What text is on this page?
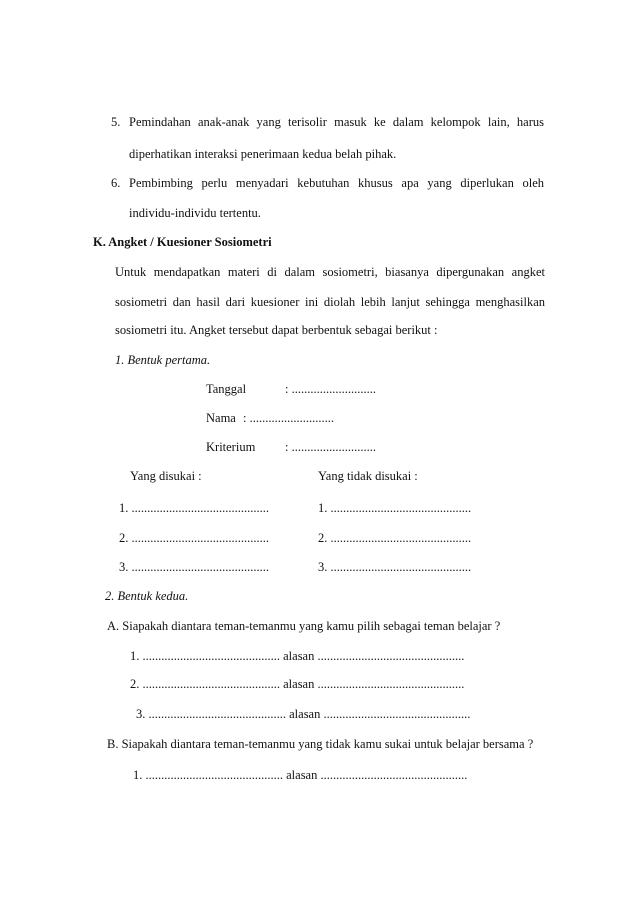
5. Pemindahan anak-anak yang terisolir masuk ke dalam kelompok lain, harus
diperhatikan interaksi penerimaan kedua belah pihak.
6. Pembimbing perlu menyadari kebutuhan khusus apa yang diperlukan oleh
individu-individu tertentu.
K. Angket / Kuesioner Sosiometri
Untuk mendapatkan materi di dalam sosiometri, biasanya dipergunakan angket
sosiometri dan hasil dari kuesioner ini diolah lebih lanjut sehingga menghasilkan
sosiometri itu. Angket tersebut dapat berbentuk sebagai berikut :
1. Bentuk pertama.
Tanggal	: ...........................
Nama : ...........................
Kriterium : ...........................
Yang disukai :	Yang tidak disukai :
1. ............................................	1. .............................................
2. ............................................	2. .............................................
3. ............................................	3. .............................................
2. Bentuk kedua.
A. Siapakah diantara teman-temanmu yang kamu pilih sebagai teman belajar ?
1. ............................................ alasan ...............................................
2. ............................................ alasan ...............................................
3. ............................................ alasan ...............................................
B. Siapakah diantara teman-temanmu yang tidak kamu sukai untuk belajar bersama ?
1. ............................................ alasan ...............................................
